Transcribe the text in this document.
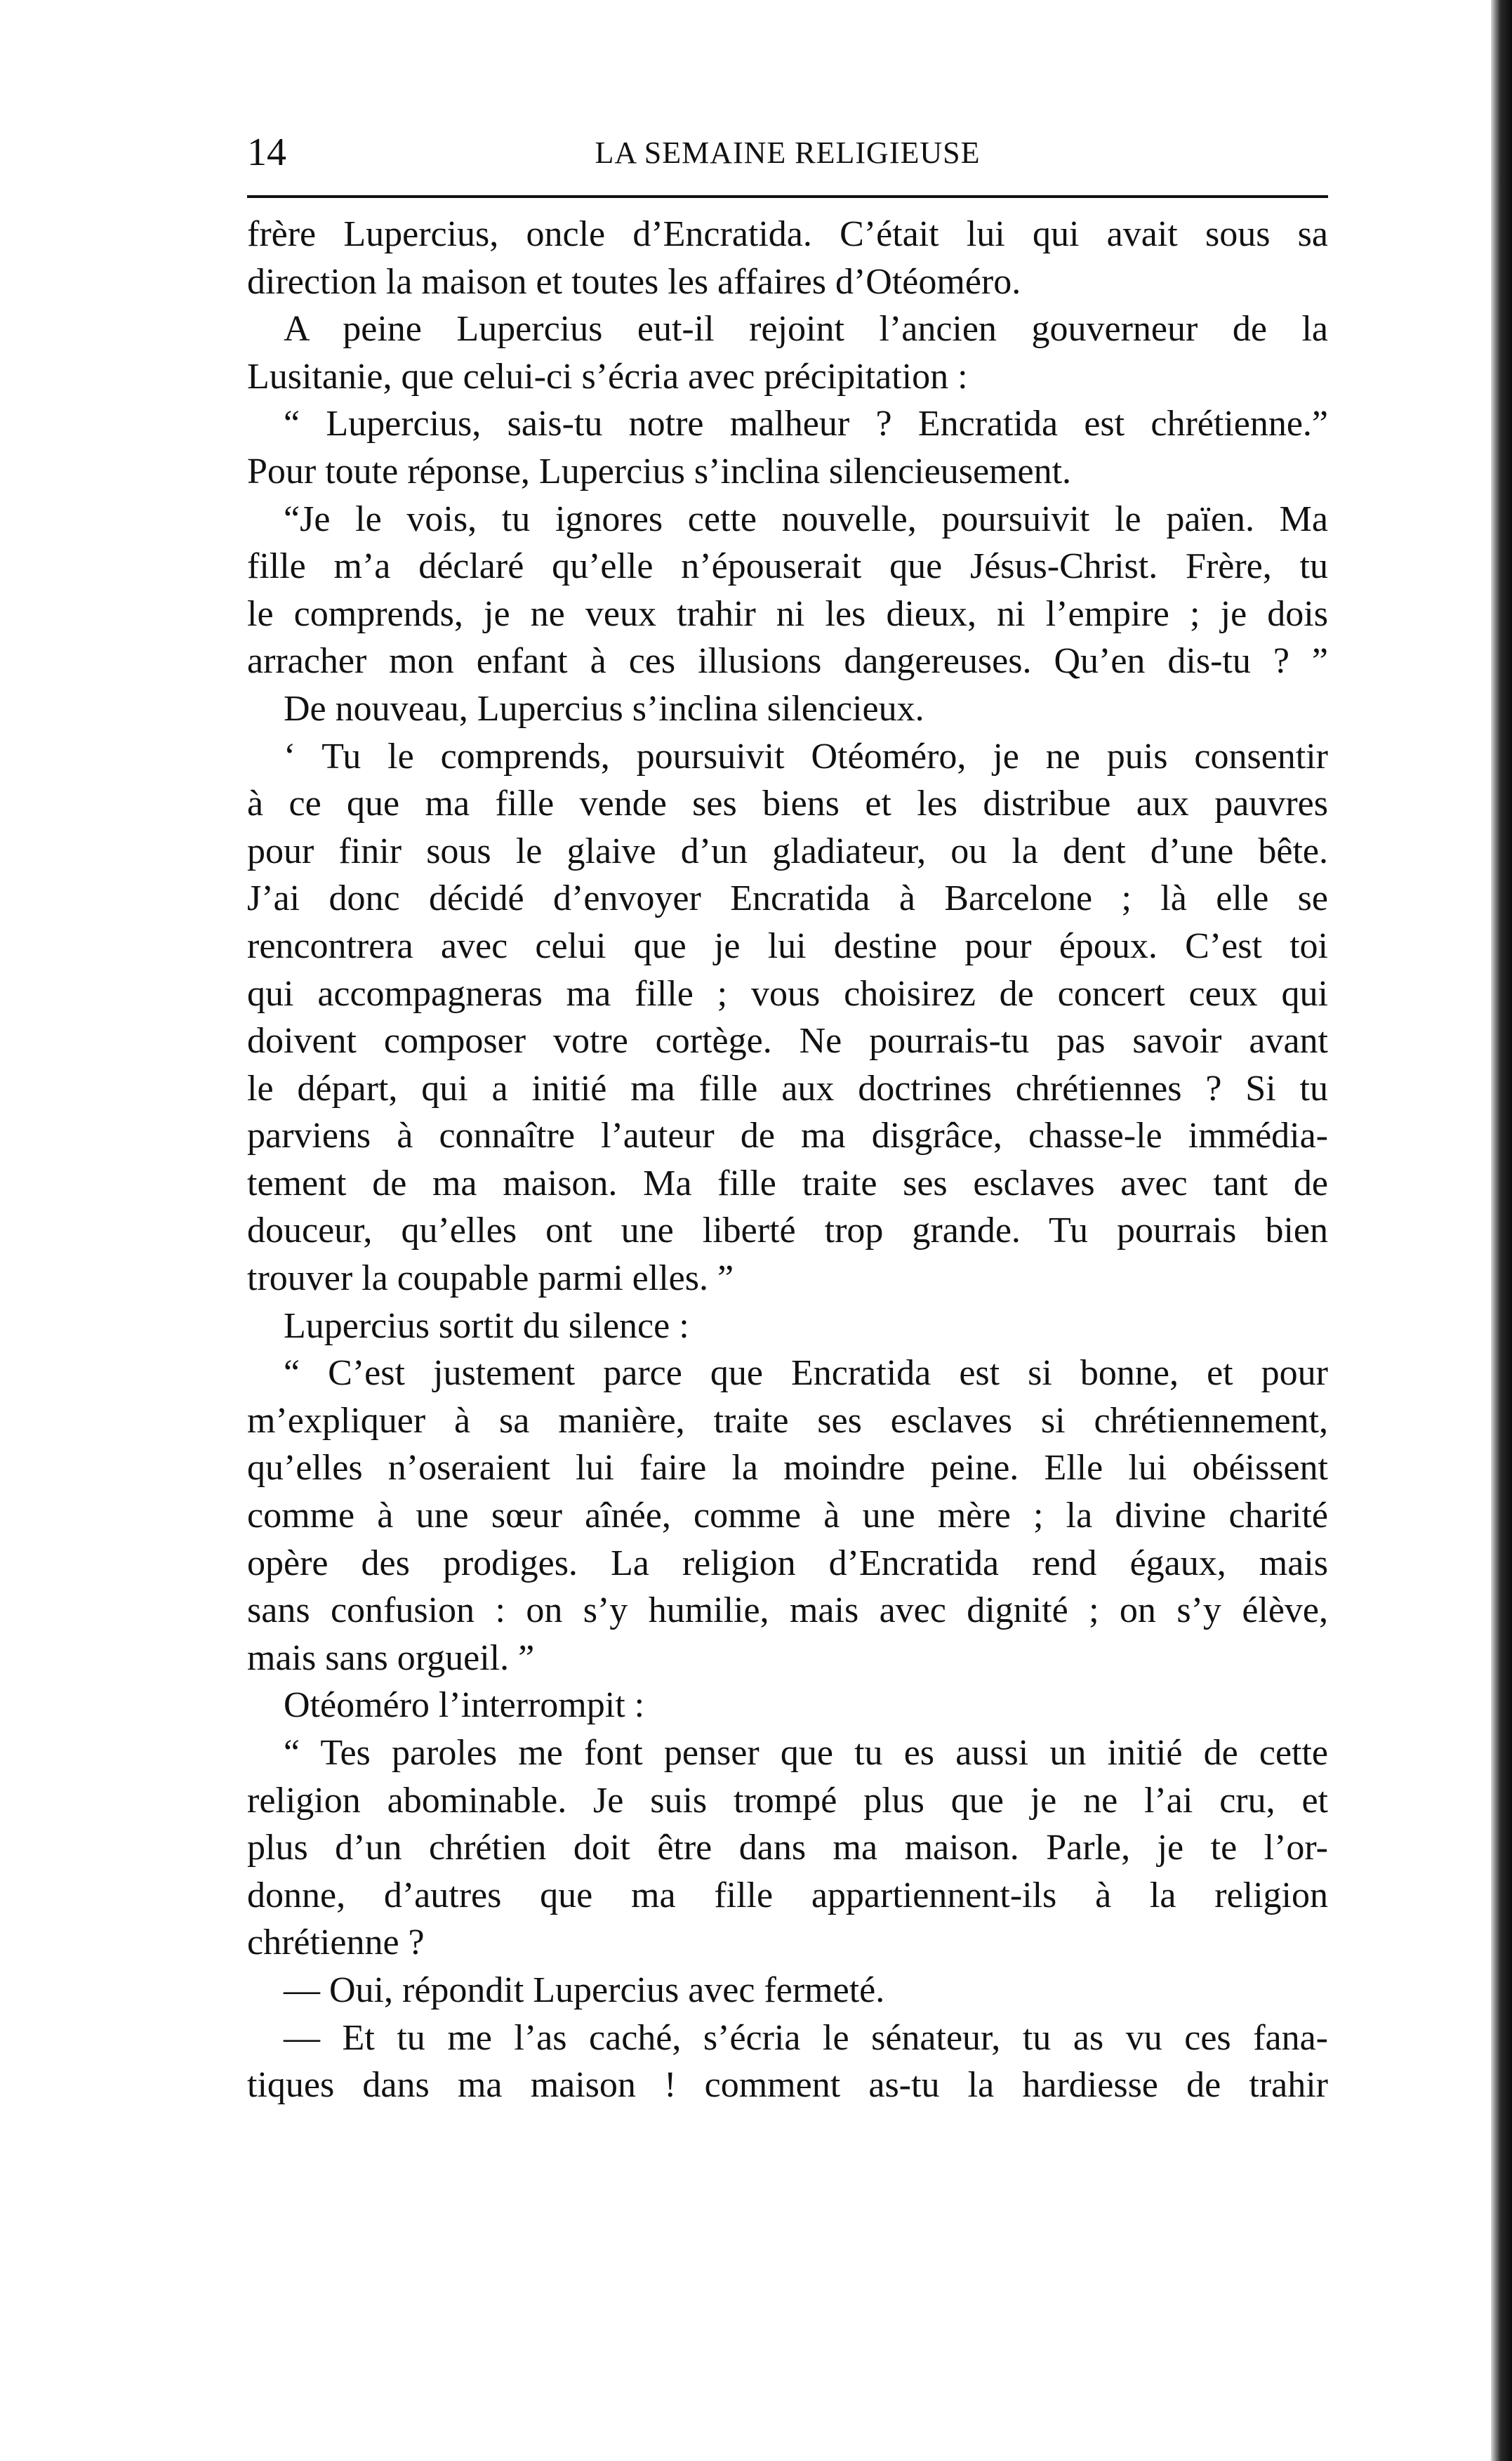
14	LA SEMAINE RELIGIEUSE
frère Lupercius, oncle d’Encratida. C’était lui qui avait sous sa
direction la maison et toutes les affaires d’Otéoméro.
A peine Lupercius eut-il rejoint l’ancien gouverneur de la
Lusitanie, que celui-ci s’écria avec précipitation :
“ Lupercius, sais-tu notre malheur ? Encratida est chrétienne.”
Pour toute réponse, Lupercius s’inclina silencieusement.
“Je le vois, tu ignores cette nouvelle, poursuivit le païen. Ma
fille m’a déclaré qu’elle n’épouserait que Jésus-Christ. Frère, tu
le comprends, je ne veux trahir ni les dieux, ni l’empire ; je dois
arracher mon enfant à ces illusions dangereuses. Qu’en dis-tu ? ”
De nouveau, Lupercius s’inclina silencieux.
‘ Tu le comprends, poursuivit Otéoméro, je ne puis consentir
à ce que ma fille vende ses biens et les distribue aux pauvres
pour finir sous le glaive d’un gladiateur, ou la dent d’une bête.
J’ai donc décidé d’envoyer Encratida à Barcelone ; là elle se
rencontrera avec celui que je lui destine pour époux. C’est toi
qui accompagneras ma fille ; vous choisirez de concert ceux qui
doivent composer votre cortège. Ne pourrais-tu pas savoir avant
le départ, qui a initié ma fille aux doctrines chrétiennes ? Si tu
parviens à connaître l’auteur de ma disgrâce, chasse-le immédia-
tement de ma maison. Ma fille traite ses esclaves avec tant de
douceur, qu’elles ont une liberté trop grande. Tu pourrais bien
trouver la coupable parmi elles. ”
Lupercius sortit du silence :
“ C’est justement parce que Encratida est si bonne, et pour
m’expliquer à sa manière, traite ses esclaves si chrétiennement,
qu’elles n’oseraient lui faire la moindre peine. Elle lui obéissent
comme à une sœur aînée, comme à une mère ; la divine charité
opère des prodiges. La religion d’Encratida rend égaux, mais
sans confusion : on s’y humilie, mais avec dignité ; on s’y élève,
mais sans orgueil. ”
Otéoméro l’interrompit :
“ Tes paroles me font penser que tu es aussi un initié de cette
religion abominable. Je suis trompé plus que je ne l’ai cru, et
plus d’un chrétien doit être dans ma maison. Parle, je te l’or-
donne, d’autres que ma fille appartiennent-ils à la religion
chrétienne ?
— Oui, répondit Lupercius avec fermeté.
— Et tu me l’as caché, s’écria le sénateur, tu as vu ces fana-
tiques dans ma maison ! comment as-tu la hardiesse de trahir
